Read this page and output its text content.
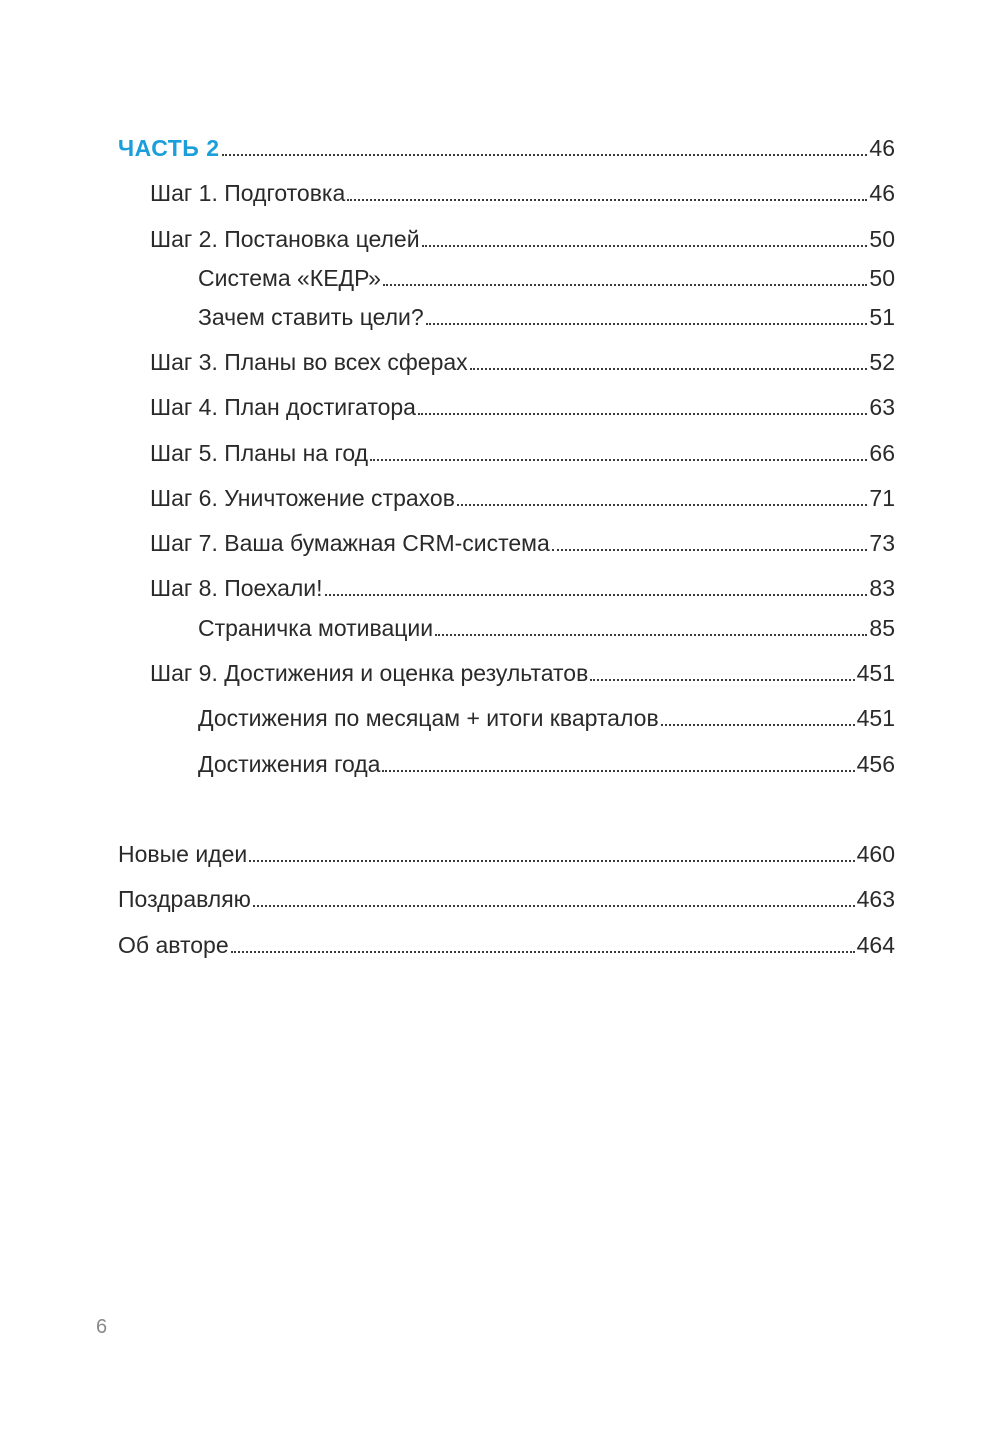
ЧАСТЬ 2	46
Шаг 1. Подготовка	46
Шаг 2. Постановка целей	50
Система «КЕДР»	50
Зачем ставить цели?	51
Шаг 3. Планы во всех сферах	52
Шаг 4. План достигатора	63
Шаг 5. Планы на год	66
Шаг 6. Уничтожение страхов	71
Шаг 7. Ваша бумажная CRM-система	73
Шаг 8. Поехали!	83
Страничка мотивации	85
Шаг 9. Достижения и оценка результатов	451
Достижения по месяцам + итоги кварталов	451
Достижения года	456
Новые идеи	460
Поздравляю	463
Об авторе	464
6
